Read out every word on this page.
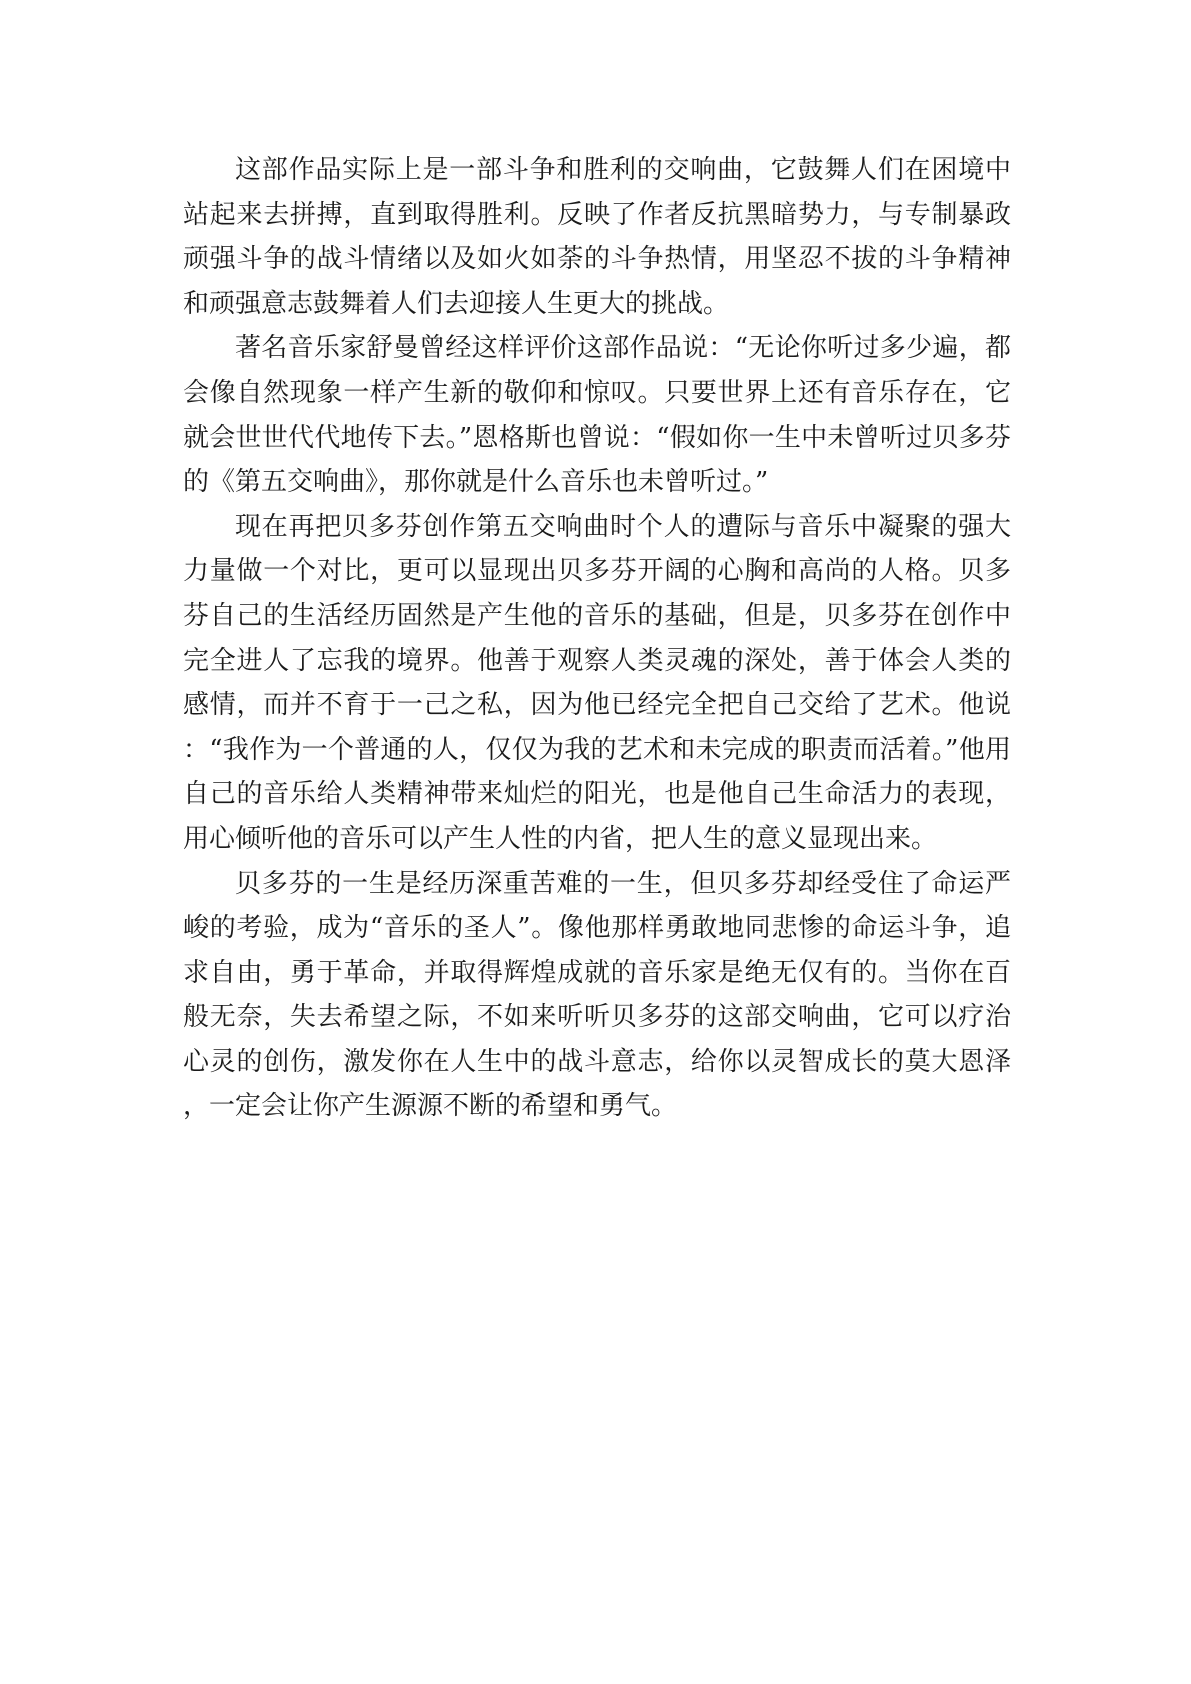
这部作品实际上是一部斗争和胜利的交响曲，它鼓舞人们在困境中站起来去拼搏，直到取得胜利。反映了作者反抗黑暗势力，与专制暴政顽强斗争的战斗情绪以及如火如荼的斗争热情，用坚忍不拔的斗争精神和顽强意志鼓舞着人们去迎接人生更大的挑战。

著名音乐家舒曼曾经这样评价这部作品说：“无论你听过多少遍，都会像自然现象一样产生新的敬仰和惊叹。只要世界上还有音乐存在，它就会世世代代地传下去。”恩格斯也曾说：“假如你一生中未曾听过贝多芬的《第五交响曲》，那你就是什么音乐也未曾听过。”

现在再把贝多芬创作第五交响曲时个人的遭际与音乐中凝聚的强大力量做一个对比，更可以显现出贝多芬开阔的心胸和高尚的人格。贝多芬自己的生活经历固然是产生他的音乐的基础，但是，贝多芬在创作中完全进人了忘我的境界。他善于观察人类灵魂的深处，善于体会人类的感情，而并不育于一己之私，因为他已经完全把自己交给了艺术。他说：“我作为一个普通的人，仅仅为我的艺术和未完成的职责而活着。”他用自己的音乐给人类精神带来灿烂的阳光，也是他自己生命活力的表现，用心倾听他的音乐可以产生人性的内省，把人生的意义显现出来。

贝多芬的一生是经历深重苦难的一生，但贝多芬却经受住了命运严峻的考验，成为“音乐的圣人”。像他那样勇敢地同悲惨的命运斗争，追求自由，勇于革命，并取得辉煌成就的音乐家是绝无仅有的。当你在百般无奈，失去希望之际，不如来听听贝多芬的这部交响曲，它可以疗治心灵的创伤，激发你在人生中的战斗意志，给你以灵智成长的莫大恩泽，一定会让你产生源源不断的希望和勇气。
